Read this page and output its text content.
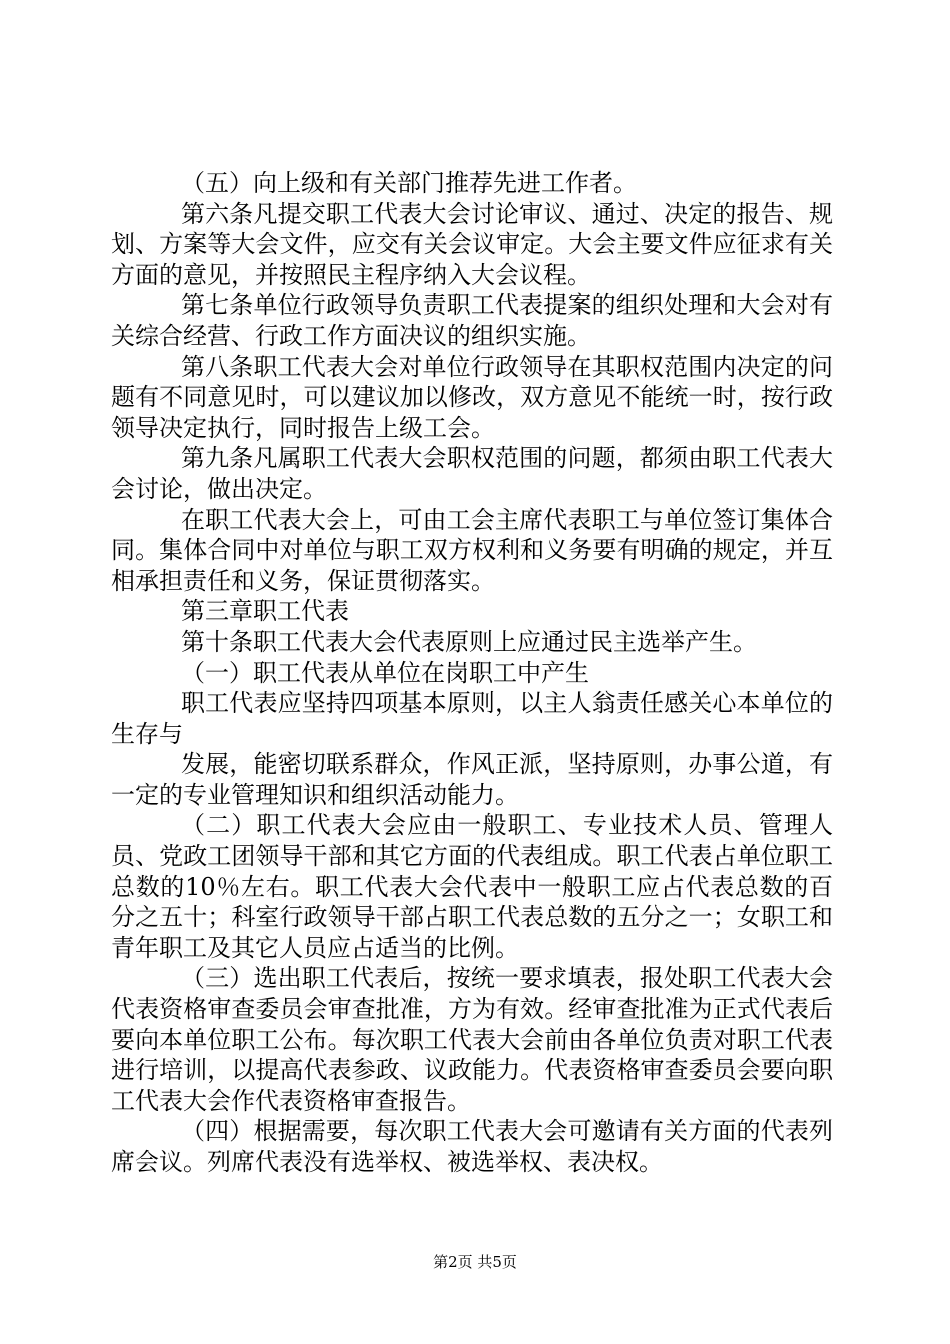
（五）向上级和有关部门推荐先进工作者。

第六条凡提交职工代表大会讨论审议、通过、决定的报告、规划、方案等大会文件，应交有关会议审定。大会主要文件应征求有关方面的意见，并按照民主程序纳入大会议程。

第七条单位行政领导负责职工代表提案的组织处理和大会对有关综合经营、行政工作方面决议的组织实施。

第八条职工代表大会对单位行政领导在其职权范围内决定的问题有不同意见时，可以建议加以修改，双方意见不能统一时，按行政领导决定执行，同时报告上级工会。

第九条凡属职工代表大会职权范围的问题，都须由职工代表大会讨论，做出决定。

在职工代表大会上，可由工会主席代表职工与单位签订集体合同。集体合同中对单位与职工双方权利和义务要有明确的规定，并互相承担责任和义务，保证贯彻落实。

第三章职工代表

第十条职工代表大会代表原则上应通过民主选举产生。

（一）职工代表从单位在岗职工中产生

职工代表应坚持四项基本原则，以主人翁责任感关心本单位的生存与

发展，能密切联系群众，作风正派，坚持原则，办事公道，有一定的专业管理知识和组织活动能力。

（二）职工代表大会应由一般职工、专业技术人员、管理人员、党政工团领导干部和其它方面的代表组成。职工代表占单位职工总数的10％左右。职工代表大会代表中一般职工应占代表总数的百分之五十；科室行政领导干部占职工代表总数的五分之一；女职工和青年职工及其它人员应占适当的比例。

（三）选出职工代表后，按统一要求填表，报处职工代表大会代表资格审查委员会审查批准，方为有效。经审查批准为正式代表后要向本单位职工公布。每次职工代表大会前由各单位负责对职工代表进行培训，以提高代表参政、议政能力。代表资格审查委员会要向职工代表大会作代表资格审查报告。

（四）根据需要，每次职工代表大会可邀请有关方面的代表列席会议。列席代表没有选举权、被选举权、表决权。

第2页 共5页
